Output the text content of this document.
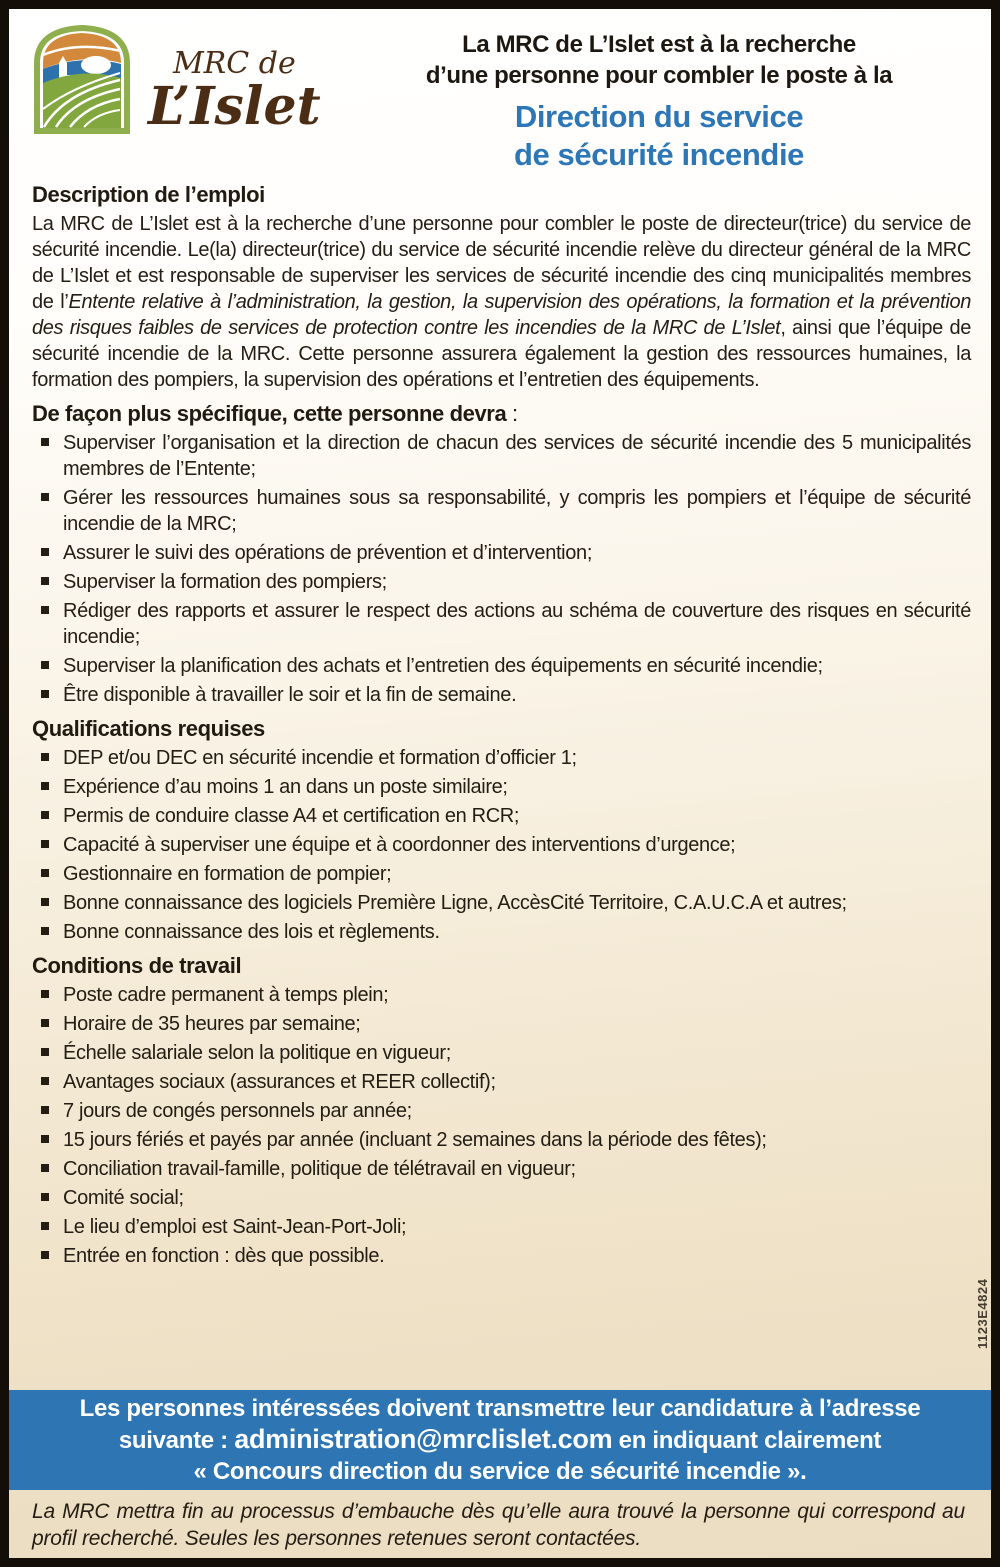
MRC de
L’Islet
La MRC de L’Islet est à la recherche
d’une personne pour combler le poste à la
Direction du service
de sécurité incendie
Description de l’emploi
La MRC de L’Islet est à la recherche d’une personne pour combler le poste de directeur(trice) du service de sécurité incendie. Le(la) directeur(trice) du service de sécurité incendie relève du directeur général de la MRC de L’Islet et est responsable de superviser les services de sécurité incendie des cinq municipalités membres de l’Entente relative à l’administration, la gestion, la supervision des opérations, la formation et la prévention des risques faibles de services de protection contre les incendies de la MRC de L’Islet, ainsi que l’équipe de sécurité incendie de la MRC. Cette personne assurera également la gestion des ressources humaines, la formation des pompiers, la supervision des opérations et l’entretien des équipements.
De façon plus spécifique, cette personne devra :
Superviser l’organisation et la direction de chacun des services de sécurité incendie des 5 municipalités membres de l’Entente;
Gérer les ressources humaines sous sa responsabilité, y compris les pompiers et l’équipe de sécurité incendie de la MRC;
Assurer le suivi des opérations de prévention et d’intervention;
Superviser la formation des pompiers;
Rédiger des rapports et assurer le respect des actions au schéma de couverture des risques en sécurité incendie;
Superviser la planification des achats et l’entretien des équipements en sécurité incendie;
Être disponible à travailler le soir et la fin de semaine.
Qualifications requises
DEP et/ou DEC en sécurité incendie et formation d’officier 1;
Expérience d’au moins 1 an dans un poste similaire;
Permis de conduire classe A4 et certification en RCR;
Capacité à superviser une équipe et à coordonner des interventions d’urgence;
Gestionnaire en formation de pompier;
Bonne connaissance des logiciels Première Ligne, AccèsCité Territoire, C.A.U.C.A et autres;
Bonne connaissance des lois et règlements.
Conditions de travail
Poste cadre permanent à temps plein;
Horaire de 35 heures par semaine;
Échelle salariale selon la politique en vigueur;
Avantages sociaux (assurances et REER collectif);
7 jours de congés personnels par année;
15 jours fériés et payés par année (incluant 2 semaines dans la période des fêtes);
Conciliation travail-famille, politique de télétravail en vigueur;
Comité social;
Le lieu d’emploi est Saint-Jean-Port-Joli;
Entrée en fonction : dès que possible.
Les personnes intéressées doivent transmettre leur candidature à l’adresse
suivante : administration@mrclislet.com en indiquant clairement
« Concours direction du service de sécurité incendie ».
La MRC mettra fin au processus d’embauche dès qu’elle aura trouvé la personne qui correspond au profil recherché. Seules les personnes retenues seront contactées.
1123E4824
